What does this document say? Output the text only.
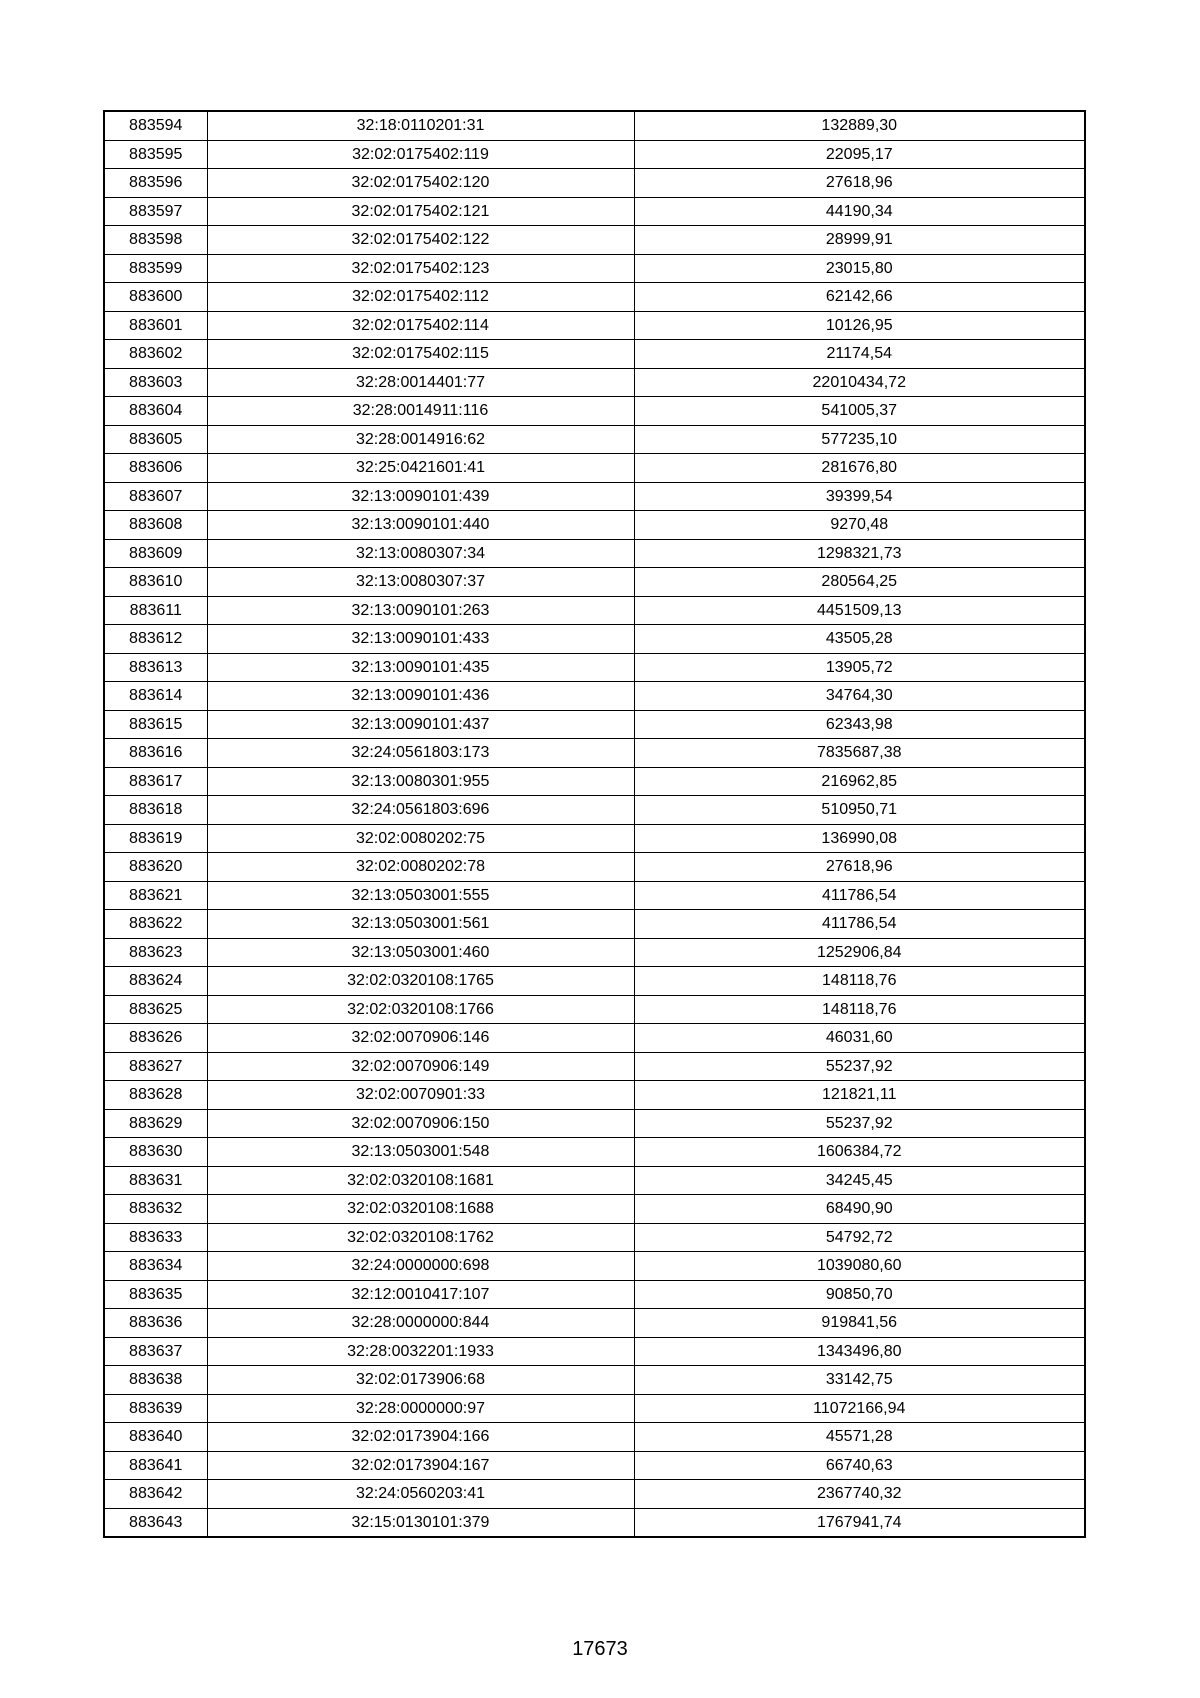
883594	32:18:0110201:31	132889,30
883595	32:02:0175402:119	22095,17
883596	32:02:0175402:120	27618,96
883597	32:02:0175402:121	44190,34
883598	32:02:0175402:122	28999,91
883599	32:02:0175402:123	23015,80
883600	32:02:0175402:112	62142,66
883601	32:02:0175402:114	10126,95
883602	32:02:0175402:115	21174,54
883603	32:28:0014401:77	22010434,72
883604	32:28:0014911:116	541005,37
883605	32:28:0014916:62	577235,10
883606	32:25:0421601:41	281676,80
883607	32:13:0090101:439	39399,54
883608	32:13:0090101:440	9270,48
883609	32:13:0080307:34	1298321,73
883610	32:13:0080307:37	280564,25
883611	32:13:0090101:263	4451509,13
883612	32:13:0090101:433	43505,28
883613	32:13:0090101:435	13905,72
883614	32:13:0090101:436	34764,30
883615	32:13:0090101:437	62343,98
883616	32:24:0561803:173	7835687,38
883617	32:13:0080301:955	216962,85
883618	32:24:0561803:696	510950,71
883619	32:02:0080202:75	136990,08
883620	32:02:0080202:78	27618,96
883621	32:13:0503001:555	411786,54
883622	32:13:0503001:561	411786,54
883623	32:13:0503001:460	1252906,84
883624	32:02:0320108:1765	148118,76
883625	32:02:0320108:1766	148118,76
883626	32:02:0070906:146	46031,60
883627	32:02:0070906:149	55237,92
883628	32:02:0070901:33	121821,11
883629	32:02:0070906:150	55237,92
883630	32:13:0503001:548	1606384,72
883631	32:02:0320108:1681	34245,45
883632	32:02:0320108:1688	68490,90
883633	32:02:0320108:1762	54792,72
883634	32:24:0000000:698	1039080,60
883635	32:12:0010417:107	90850,70
883636	32:28:0000000:844	919841,56
883637	32:28:0032201:1933	1343496,80
883638	32:02:0173906:68	33142,75
883639	32:28:0000000:97	11072166,94
883640	32:02:0173904:166	45571,28
883641	32:02:0173904:167	66740,63
883642	32:24:0560203:41	2367740,32
883643	32:15:0130101:379	1767941,74
17673
